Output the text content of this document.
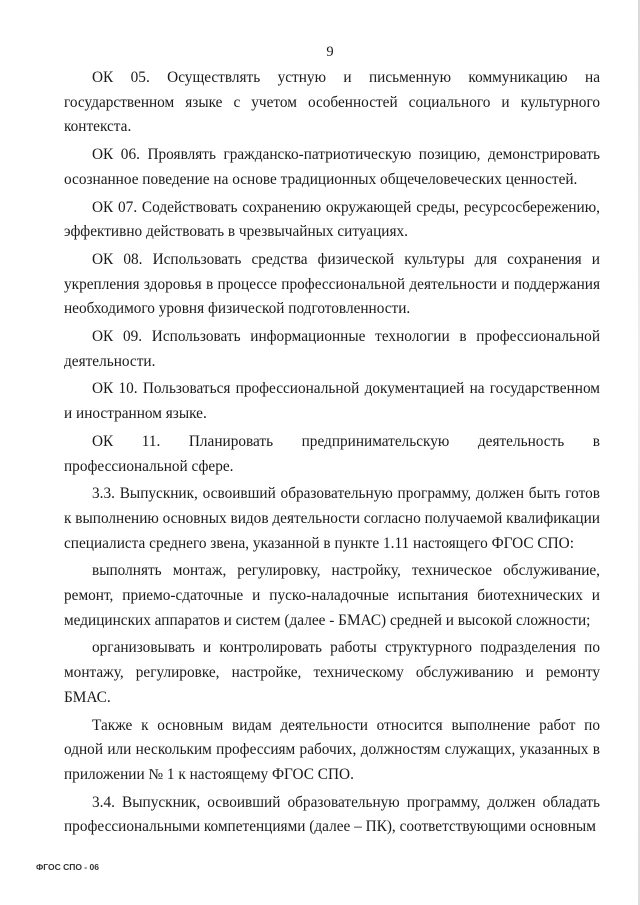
9

ОК 05. Осуществлять устную и письменную коммуникацию на государственном языке с учетом особенностей социального и культурного контекста.

ОК 06. Проявлять гражданско-патриотическую позицию, демонстрировать осознанное поведение на основе традиционных общечеловеческих ценностей.

ОК 07. Содействовать сохранению окружающей среды, ресурсосбережению, эффективно действовать в чрезвычайных ситуациях.

ОК 08. Использовать средства физической культуры для сохранения и укрепления здоровья в процессе профессиональной деятельности и поддержания необходимого уровня физической подготовленности.

ОК 09. Использовать информационные технологии в профессиональной деятельности.

ОК 10. Пользоваться профессиональной документацией на государственном и иностранном языке.

ОК 11. Планировать предпринимательскую деятельность в профессиональной сфере.

3.3. Выпускник, освоивший образовательную программу, должен быть готов к выполнению основных видов деятельности согласно получаемой квалификации специалиста среднего звена, указанной в пункте 1.11 настоящего ФГОС СПО:

выполнять монтаж, регулировку, настройку, техническое обслуживание, ремонт, приемо-сдаточные и пуско-наладочные испытания биотехнических и медицинских аппаратов и систем (далее - БМАС) средней и высокой сложности;

организовывать и контролировать работы структурного подразделения по монтажу, регулировке, настройке, техническому обслуживанию и ремонту БМАС.

Также к основным видам деятельности относится выполнение работ по одной или нескольким профессиям рабочих, должностям служащих, указанных в приложении № 1 к настоящему ФГОС СПО.

3.4. Выпускник, освоивший образовательную программу, должен обладать профессиональными компетенциями (далее – ПК), соответствующими основным

ФГОС СПО - 06
